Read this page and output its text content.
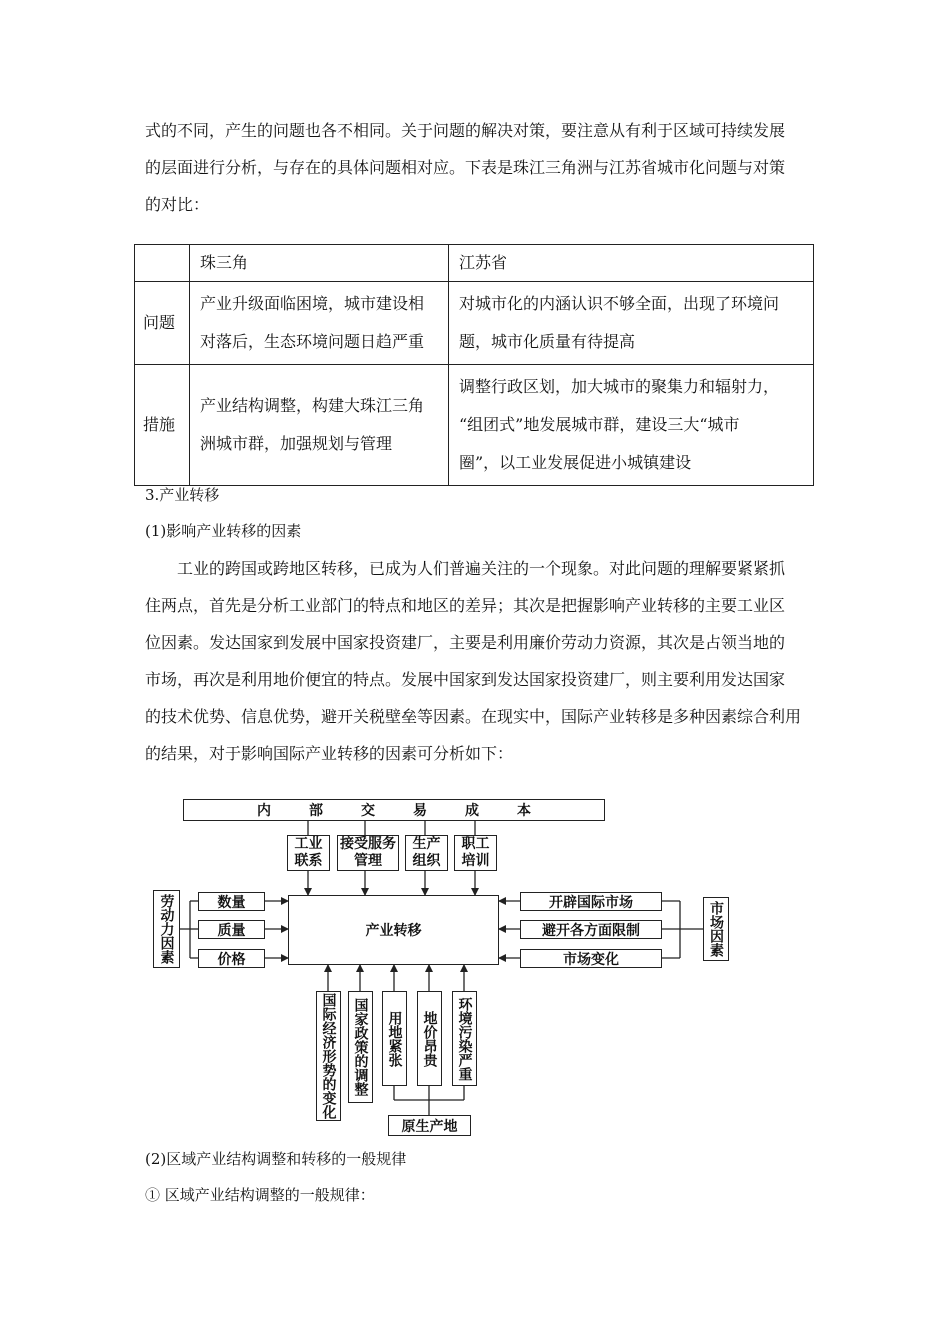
式的不同，产生的问题也各不相同。关于问题的解决对策，要注意从有利于区域可持续发展
的层面进行分析，与存在的具体问题相对应。下表是珠江三角洲与江苏省城市化问题与对策
的对比：

	珠三角	江苏省
问题	产业升级面临困境，城市建设相
对落后，生态环境问题日趋严重	对城市化的内涵认识不够全面，出现了环境问
题，城市化质量有待提高

措施	产业结构调整，构建大珠江三角
洲城市群，加强规划与管理	调整行政区划，加大城市的聚集力和辐射力，
“组团式”地发展城市群，建设三大“城市
圈”，以工业发展促进小城镇建设
3.产业转移
(1)影响产业转移的因素

工业的跨国或跨地区转移，已成为人们普遍关注的一个现象。对此问题的理解要紧紧抓
住两点，首先是分析工业部门的特点和地区的差异；其次是把握影响产业转移的主要工业区
位因素。发达国家到发展中国家投资建厂，主要是利用廉价劳动力资源，其次是占领当地的
市场，再次是利用地价便宜的特点。发展中国家到发达国家投资建厂，则主要利用发达国家
的技术优势、信息优势，避开关税壁垒等因素。在现实中，国际产业转移是多种因素综合利用
的结果，对于影响国际产业转移的因素可分析如下：

内部交易成本
工业联系
接受服务管理
生产组织
职工培训
产业转移
劳动力因素	数量
质量
价格
开辟国际市场
避开各方面限制
市场变化
市场因素
国际经济形势的变化	国家政策的调整	用地紧张	地价昂贵	环境污染严重
原生产地
(2)区域产业结构调整和转移的一般规律
① 区域产业结构调整的一般规律：
